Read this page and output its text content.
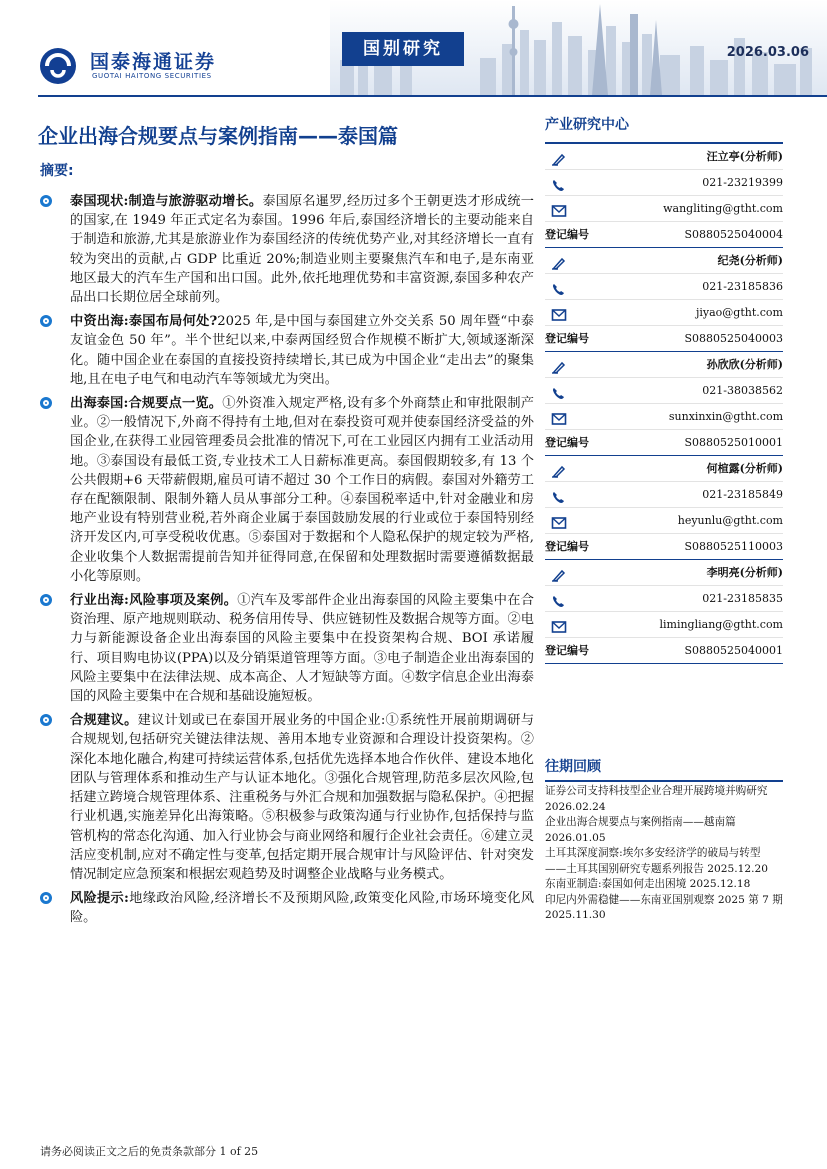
国泰海通证券
GUOTAI HAITONG SECURITIES
国别研究	2026.03.06
企业出海合规要点与案例指南——泰国篇
摘要:
泰国现状:制造与旅游驱动增长。泰国原名暹罗,经历过多个王朝更迭才形成统一的国家,在 1949 年正式定名为泰国。1996 年后,泰国经济增长的主要动能来自于制造和旅游,尤其是旅游业作为泰国经济的传统优势产业,对其经济增长一直有较为突出的贡献,占 GDP 比重近 20%;制造业则主要聚焦汽车和电子,是东南亚地区最大的汽车生产国和出口国。此外,依托地理优势和丰富资源,泰国多种农产品出口长期位居全球前列。
中资出海:泰国布局何处?2025 年,是中国与泰国建立外交关系 50 周年暨“中泰友谊金色 50 年”。半个世纪以来,中泰两国经贸合作规模不断扩大,领域逐渐深化。随中国企业在泰国的直接投资持续增长,其已成为中国企业“走出去”的聚集地,且在电子电气和电动汽车等领域尤为突出。
出海泰国:合规要点一览。①外资准入规定严格,设有多个外商禁止和审批限制产业。②一般情况下,外商不得持有土地,但对在泰投资可观并使泰国经济受益的外国企业,在获得工业园管理委员会批准的情况下,可在工业园区内拥有工业活动用地。③泰国设有最低工资,专业技术工人日薪标准更高。泰国假期较多,有 13 个公共假期+6 天带薪假期,雇员可请不超过 30 个工作日的病假。泰国对外籍劳工存在配额限制、限制外籍人员从事部分工种。④泰国税率适中,针对金融业和房地产业设有特别营业税,若外商企业属于泰国鼓励发展的行业或位于泰国特别经济开发区内,可享受税收优惠。⑤泰国对于数据和个人隐私保护的规定较为严格,企业收集个人数据需提前告知并征得同意,在保留和处理数据时需要遵循数据最小化等原则。
行业出海:风险事项及案例。①汽车及零部件企业出海泰国的风险主要集中在合资治理、原产地规则联动、税务信用传导、供应链韧性及数据合规等方面。②电力与新能源设备企业出海泰国的风险主要集中在投资架构合规、BOI 承诺履行、项目购电协议(PPA)以及分销渠道管理等方面。③电子制造企业出海泰国的风险主要集中在法律法规、成本高企、人才短缺等方面。④数字信息企业出海泰国的风险主要集中在合规和基础设施短板。
合规建议。建议计划或已在泰国开展业务的中国企业:①系统性开展前期调研与合规规划,包括研究关键法律法规、善用本地专业资源和合理设计投资架构。②深化本地化融合,构建可持续运营体系,包括优先选择本地合作伙伴、建设本地化团队与管理体系和推动生产与认证本地化。③强化合规管理,防范多层次风险,包括建立跨境合规管理体系、注重税务与外汇合规和加强数据与隐私保护。④把握行业机遇,实施差异化出海策略。⑤积极参与政策沟通与行业协作,包括保持与监管机构的常态化沟通、加入行业协会与商业网络和履行企业社会责任。⑥建立灵活应变机制,应对不确定性与变革,包括定期开展合规审计与风险评估、针对突发情况制定应急预案和根据宏观趋势及时调整企业战略与业务模式。
风险提示:地缘政治风险,经济增长不及预期风险,政策变化风险,市场环境变化风险。
产业研究中心
汪立亭(分析师)
021-23219399
wangliting@gtht.com
登记编号	S0880525040004
纪尧(分析师)
021-23185836
jiyao@gtht.com
登记编号	S0880525040003
孙欣欣(分析师)
021-38038562
sunxinxin@gtht.com
登记编号	S0880525010001
何楦露(分析师)
021-23185849
heyunlu@gtht.com
登记编号	S0880525110003
李明亮(分析师)
021-23185835
limingliang@gtht.com
登记编号	S0880525040001
往期回顾
证券公司支持科技型企业合理开展跨境并购研究
2026.02.24
企业出海合规要点与案例指南——越南篇
2026.01.05
土耳其深度洞察:埃尔多安经济学的破局与转型
——土耳其国别研究专题系列报告 2025.12.20
东南亚制造:泰国如何走出困境 2025.12.18
印尼内外需稳健——东南亚国别观察 2025 第 7 期
2025.11.30
请务必阅读正文之后的免责条款部分 1 of 25
